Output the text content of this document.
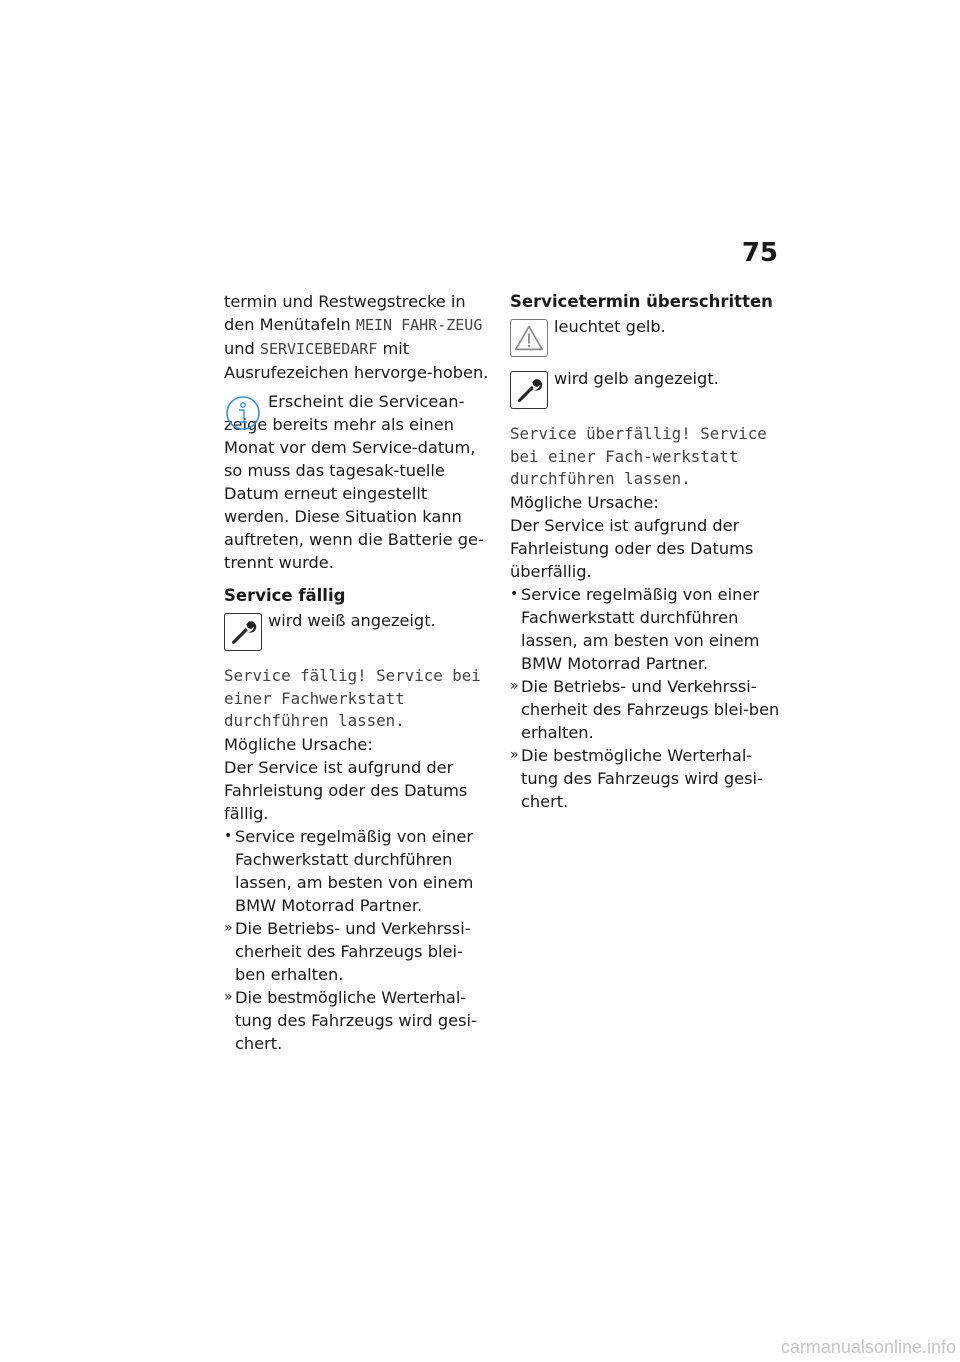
75

termin und Restwegstrecke in den Menütafeln MEIN FAHR-ZEUG und SERVICEBEDARF mit Ausrufezeichen hervorge-hoben.

Erscheint die Servicean-zeige bereits mehr als einen Monat vor dem Service-datum, so muss das tagesak-tuelle Datum erneut eingestellt werden. Diese Situation kann auftreten, wenn die Batterie ge-trennt wurde.

Service fällig

wird weiß angezeigt.

Service fällig! Service bei einer Fachwerkstatt durchführen lassen.

Mögliche Ursache:

Der Service ist aufgrund der Fahrleistung oder des Datums fällig.

• Service regelmäßig von einer Fachwerkstatt durchführen lassen, am besten von einem BMW Motorrad Partner.
» Die Betriebs- und Verkehrssi-cherheit des Fahrzeugs blei-ben erhalten.
» Die bestmögliche Werterhal-tung des Fahrzeugs wird gesi-chert.
Servicetermin überschritten

leuchtet gelb.

wird gelb angezeigt.

Service überfällig! Service bei einer Fach-werkstatt durchführen lassen.

Mögliche Ursache:

Der Service ist aufgrund der Fahrleistung oder des Datums überfällig.

• Service regelmäßig von einer Fachwerkstatt durchführen lassen, am besten von einem BMW Motorrad Partner.
» Die Betriebs- und Verkehrssi-cherheit des Fahrzeugs blei-ben erhalten.
» Die bestmögliche Werterhal-tung des Fahrzeugs wird gesi-chert.
carmanualsonline.info
